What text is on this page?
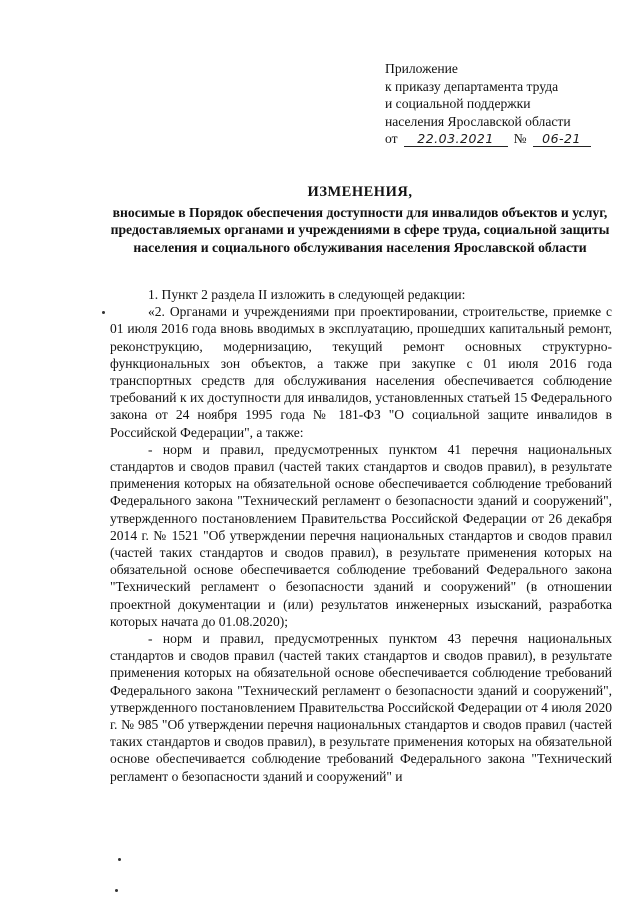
Приложение
к приказу департамента труда
и социальной поддержки
населения Ярославской области
от	22.03.2021	№	06-21
ИЗМЕНЕНИЯ,
вносимые в Порядок обеспечения доступности для инвалидов объектов и услуг, предоставляемых органами и учреждениями в сфере труда, социальной защиты населения и социального обслуживания населения Ярославской области

1. Пункт 2 раздела II изложить в следующей редакции:

«2. Органами и учреждениями при проектировании, строительстве, приемке с 01 июля 2016 года вновь вводимых в эксплуатацию, прошедших капитальный ремонт, реконструкцию, модернизацию, текущий ремонт основных структурно-функциональных зон объектов, а также при закупке с 01 июля 2016 года транспортных средств для обслуживания населения обеспечивается соблюдение требований к их доступности для инвалидов, установленных статьей 15 Федерального закона от 24 ноября 1995 года № 181-ФЗ "О социальной защите инвалидов в Российской Федерации", а также:

- норм и правил, предусмотренных пунктом 41 перечня национальных стандартов и сводов правил (частей таких стандартов и сводов правил), в результате применения которых на обязательной основе обеспечивается соблюдение требований Федерального закона "Технический регламент о безопасности зданий и сооружений", утвержденного постановлением Правительства Российской Федерации от 26 декабря 2014 г. № 1521 "Об утверждении перечня национальных стандартов и сводов правил (частей таких стандартов и сводов правил), в результате применения которых на обязательной основе обеспечивается соблюдение требований Федерального закона "Технический регламент о безопасности зданий и сооружений" (в отношении проектной документации и (или) результатов инженерных изысканий, разработка которых начата до 01.08.2020);

- норм и правил, предусмотренных пунктом 43 перечня национальных стандартов и сводов правил (частей таких стандартов и сводов правил), в результате применения которых на обязательной основе обеспечивается соблюдение требований Федерального закона "Технический регламент о безопасности зданий и сооружений", утвержденного постановлением Правительства Российской Федерации от 4 июля 2020 г. № 985 "Об утверждении перечня национальных стандартов и сводов правил (частей таких стандартов и сводов правил), в результате применения которых на обязательной основе обеспечивается соблюдение требований Федерального закона "Технический регламент о безопасности зданий и сооружений" и
